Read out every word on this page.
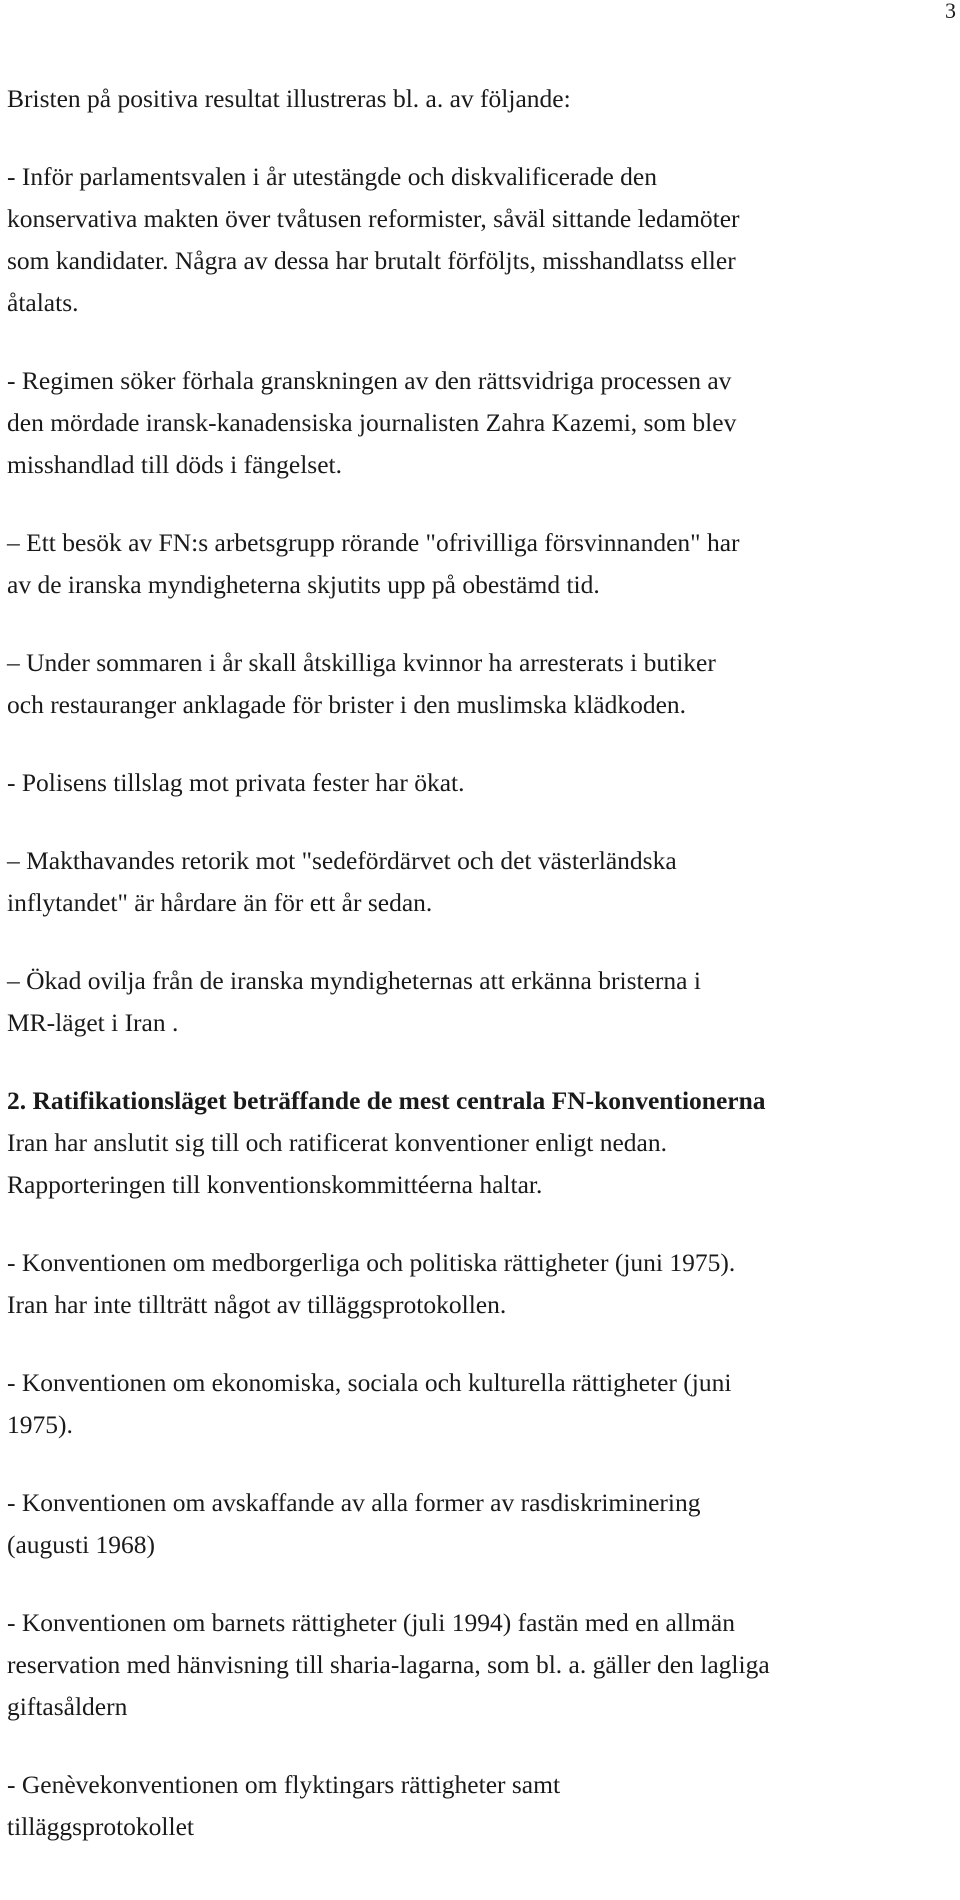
3

Bristen på positiva resultat illustreras bl. a. av följande:

- Inför parlamentsvalen i år utestängde och diskvalificerade den
konservativa makten över tvåtusen reformister, såväl sittande ledamöter
som kandidater. Några av dessa har brutalt förföljts, misshandlatss eller
åtalats.

- Regimen söker förhala granskningen av den rättsvidriga processen av
den mördade iransk-kanadensiska journalisten Zahra Kazemi, som blev
misshandlad till döds i fängelset.

– Ett besök av FN:s arbetsgrupp rörande "ofrivilliga försvinnanden" har
av de iranska myndigheterna skjutits upp på obestämd tid.

– Under sommaren i år skall åtskilliga kvinnor ha arresterats i butiker
och restauranger anklagade för brister i den muslimska klädkoden.

- Polisens tillslag mot privata fester har ökat.

– Makthavandes retorik mot "sedefördärvet och det västerländska
inflytandet" är hårdare än för ett år sedan.

– Ökad ovilja från de iranska myndigheternas att erkänna bristerna i
MR-läget i Iran .

2. Ratifikationsläget beträffande de mest centrala FN-konventionerna

Iran har anslutit sig till och ratificerat konventioner enligt nedan.
Rapporteringen till konventionskommittéerna haltar.

- Konventionen om medborgerliga och politiska rättigheter (juni 1975).
Iran har inte tillträtt något av tilläggsprotokollen.

- Konventionen om ekonomiska, sociala och kulturella rättigheter (juni
1975).

- Konventionen om avskaffande av alla former av rasdiskriminering
(augusti 1968)

- Konventionen om barnets rättigheter (juli 1994) fastän med en allmän
reservation med hänvisning till sharia-lagarna, som bl. a. gäller den lagliga
giftasåldern

- Genèvekonventionen om flyktingars rättigheter samt
tilläggsprotokollet
